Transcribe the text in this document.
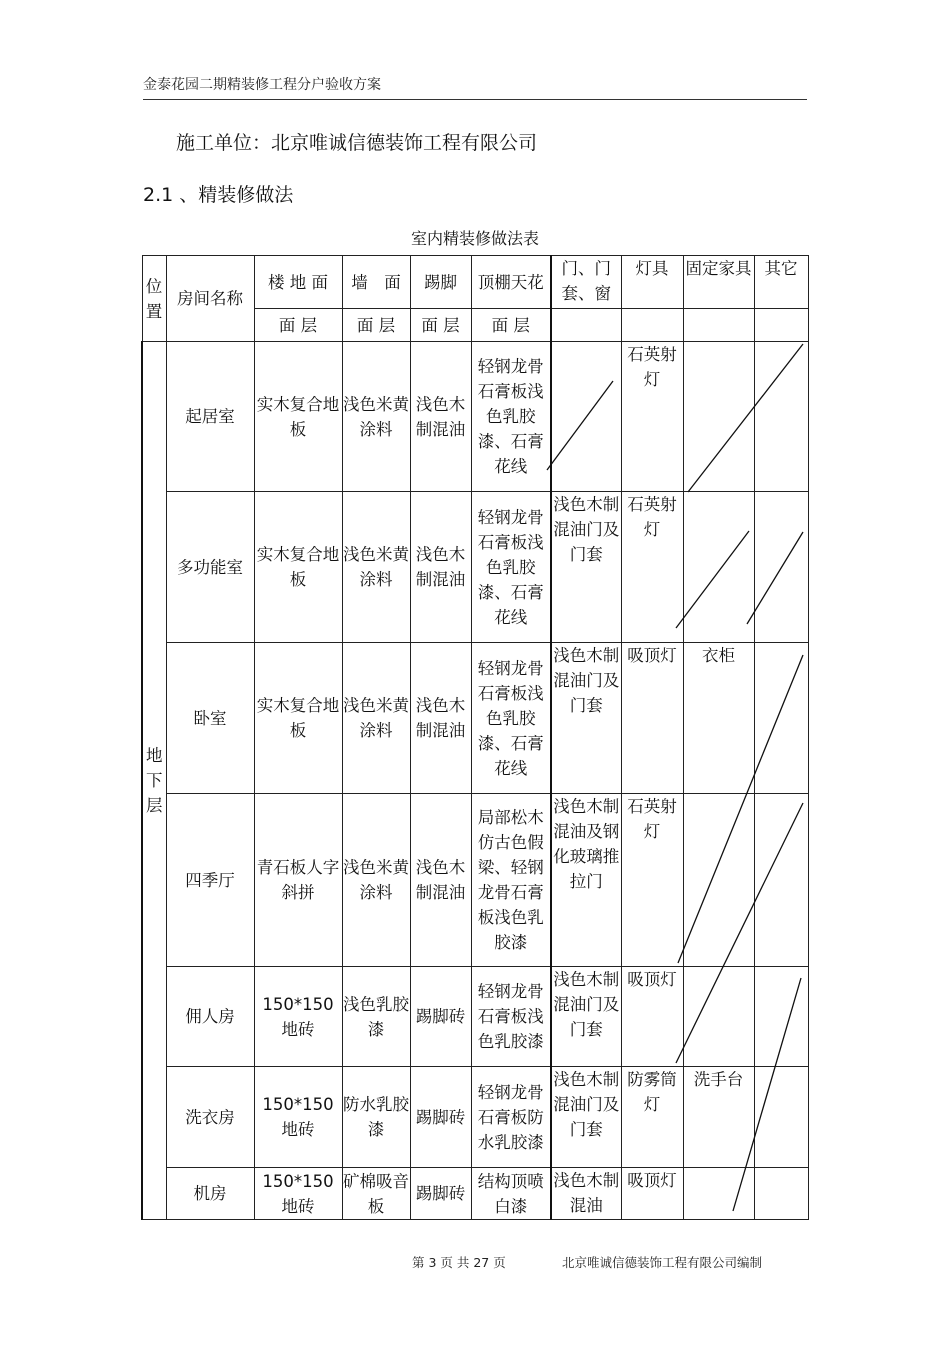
金泰花园二期精装修工程分户验收方案
施工单位：北京唯诚信德装饰工程有限公司
2.1 、精装修做法
室内精装修做法表
位置	房间名称	楼 地 面	墙　面	踢脚	顶棚天花	门、门套、窗	灯具	固定家具	其它
		面 层	面 层	面 层	面 层				
地下层	起居室	实木复合地板	浅色米黄涂料	浅色木制混油	轻钢龙骨石膏板浅色乳胶漆、石膏花线		石英射灯		
	多功能室	实木复合地板	浅色米黄涂料	浅色木制混油	轻钢龙骨石膏板浅色乳胶漆、石膏花线	浅色木制混油门及门套	石英射灯		
	卧室	实木复合地板	浅色米黄涂料	浅色木制混油	轻钢龙骨石膏板浅色乳胶漆、石膏花线	浅色木制混油门及门套	吸顶灯	衣柜	
	四季厅	青石板人字斜拼	浅色米黄涂料	浅色木制混油	局部松木仿古色假梁、轻钢龙骨石膏板浅色乳胶漆	浅色木制混油及钢化玻璃推拉门	石英射灯		
	佣人房	150*150地砖	浅色乳胶漆	踢脚砖	轻钢龙骨石膏板浅色乳胶漆	浅色木制混油门及门套	吸顶灯		
	洗衣房	150*150地砖	防水乳胶漆	踢脚砖	轻钢龙骨石膏板防水乳胶漆	浅色木制混油门及门套	防雾筒灯	洗手台	
	机房	150*150地砖	矿棉吸音板	踢脚砖	结构顶喷白漆	浅色木制混油	吸顶灯		
第 3 页 共 27 页	北京唯诚信德装饰工程有限公司编制
